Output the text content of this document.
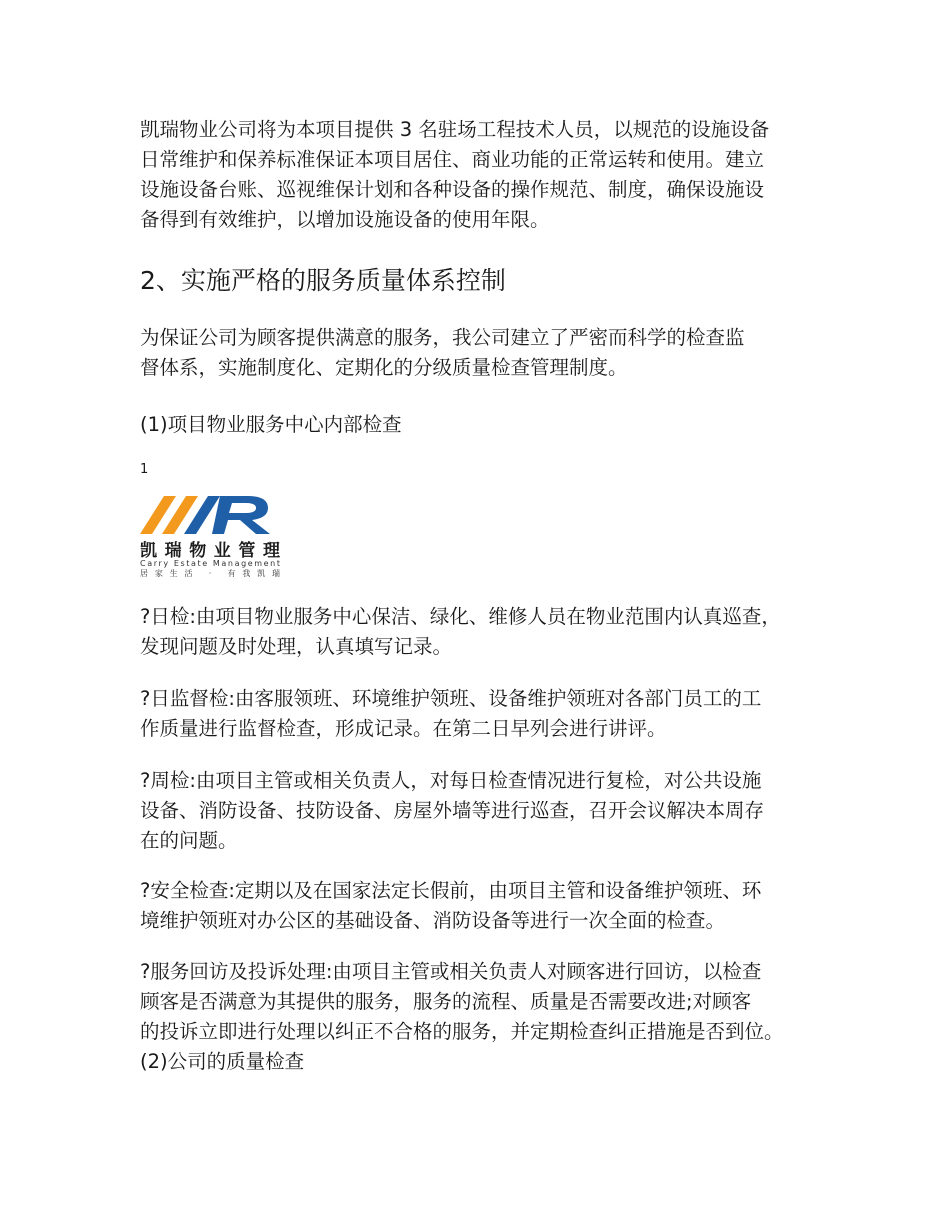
凯瑞物业公司将为本项目提供 3 名驻场工程技术人员，以规范的设施设备
日常维护和保养标准保证本项目居住、商业功能的正常运转和使用。建立
设施设备台账、巡视维保计划和各种设备的操作规范、制度，确保设施设
备得到有效维护，以增加设施设备的使用年限。

2、实施严格的服务质量体系控制

为保证公司为顾客提供满意的服务，我公司建立了严密而科学的检查监
督体系，实施制度化、定期化的分级质量检查管理制度。

(1)项目物业服务中心内部检查

1
凯瑞物业管理
Carry Estate Management
居家生活 · 有我凯瑞

?日检:由项目物业服务中心保洁、绿化、维修人员在物业范围内认真巡查，
发现问题及时处理，认真填写记录。

?日监督检:由客服领班、环境维护领班、设备维护领班对各部门员工的工
作质量进行监督检查，形成记录。在第二日早列会进行讲评。

?周检:由项目主管或相关负责人，对每日检查情况进行复检，对公共设施
设备、消防设备、技防设备、房屋外墙等进行巡查，召开会议解决本周存
在的问题。

?安全检查:定期以及在国家法定长假前，由项目主管和设备维护领班、环
境维护领班对办公区的基础设备、消防设备等进行一次全面的检查。

?服务回访及投诉处理:由项目主管或相关负责人对顾客进行回访，以检查
顾客是否满意为其提供的服务，服务的流程、质量是否需要改进;对顾客
的投诉立即进行处理以纠正不合格的服务，并定期检查纠正措施是否到位。
(2)公司的质量检查
